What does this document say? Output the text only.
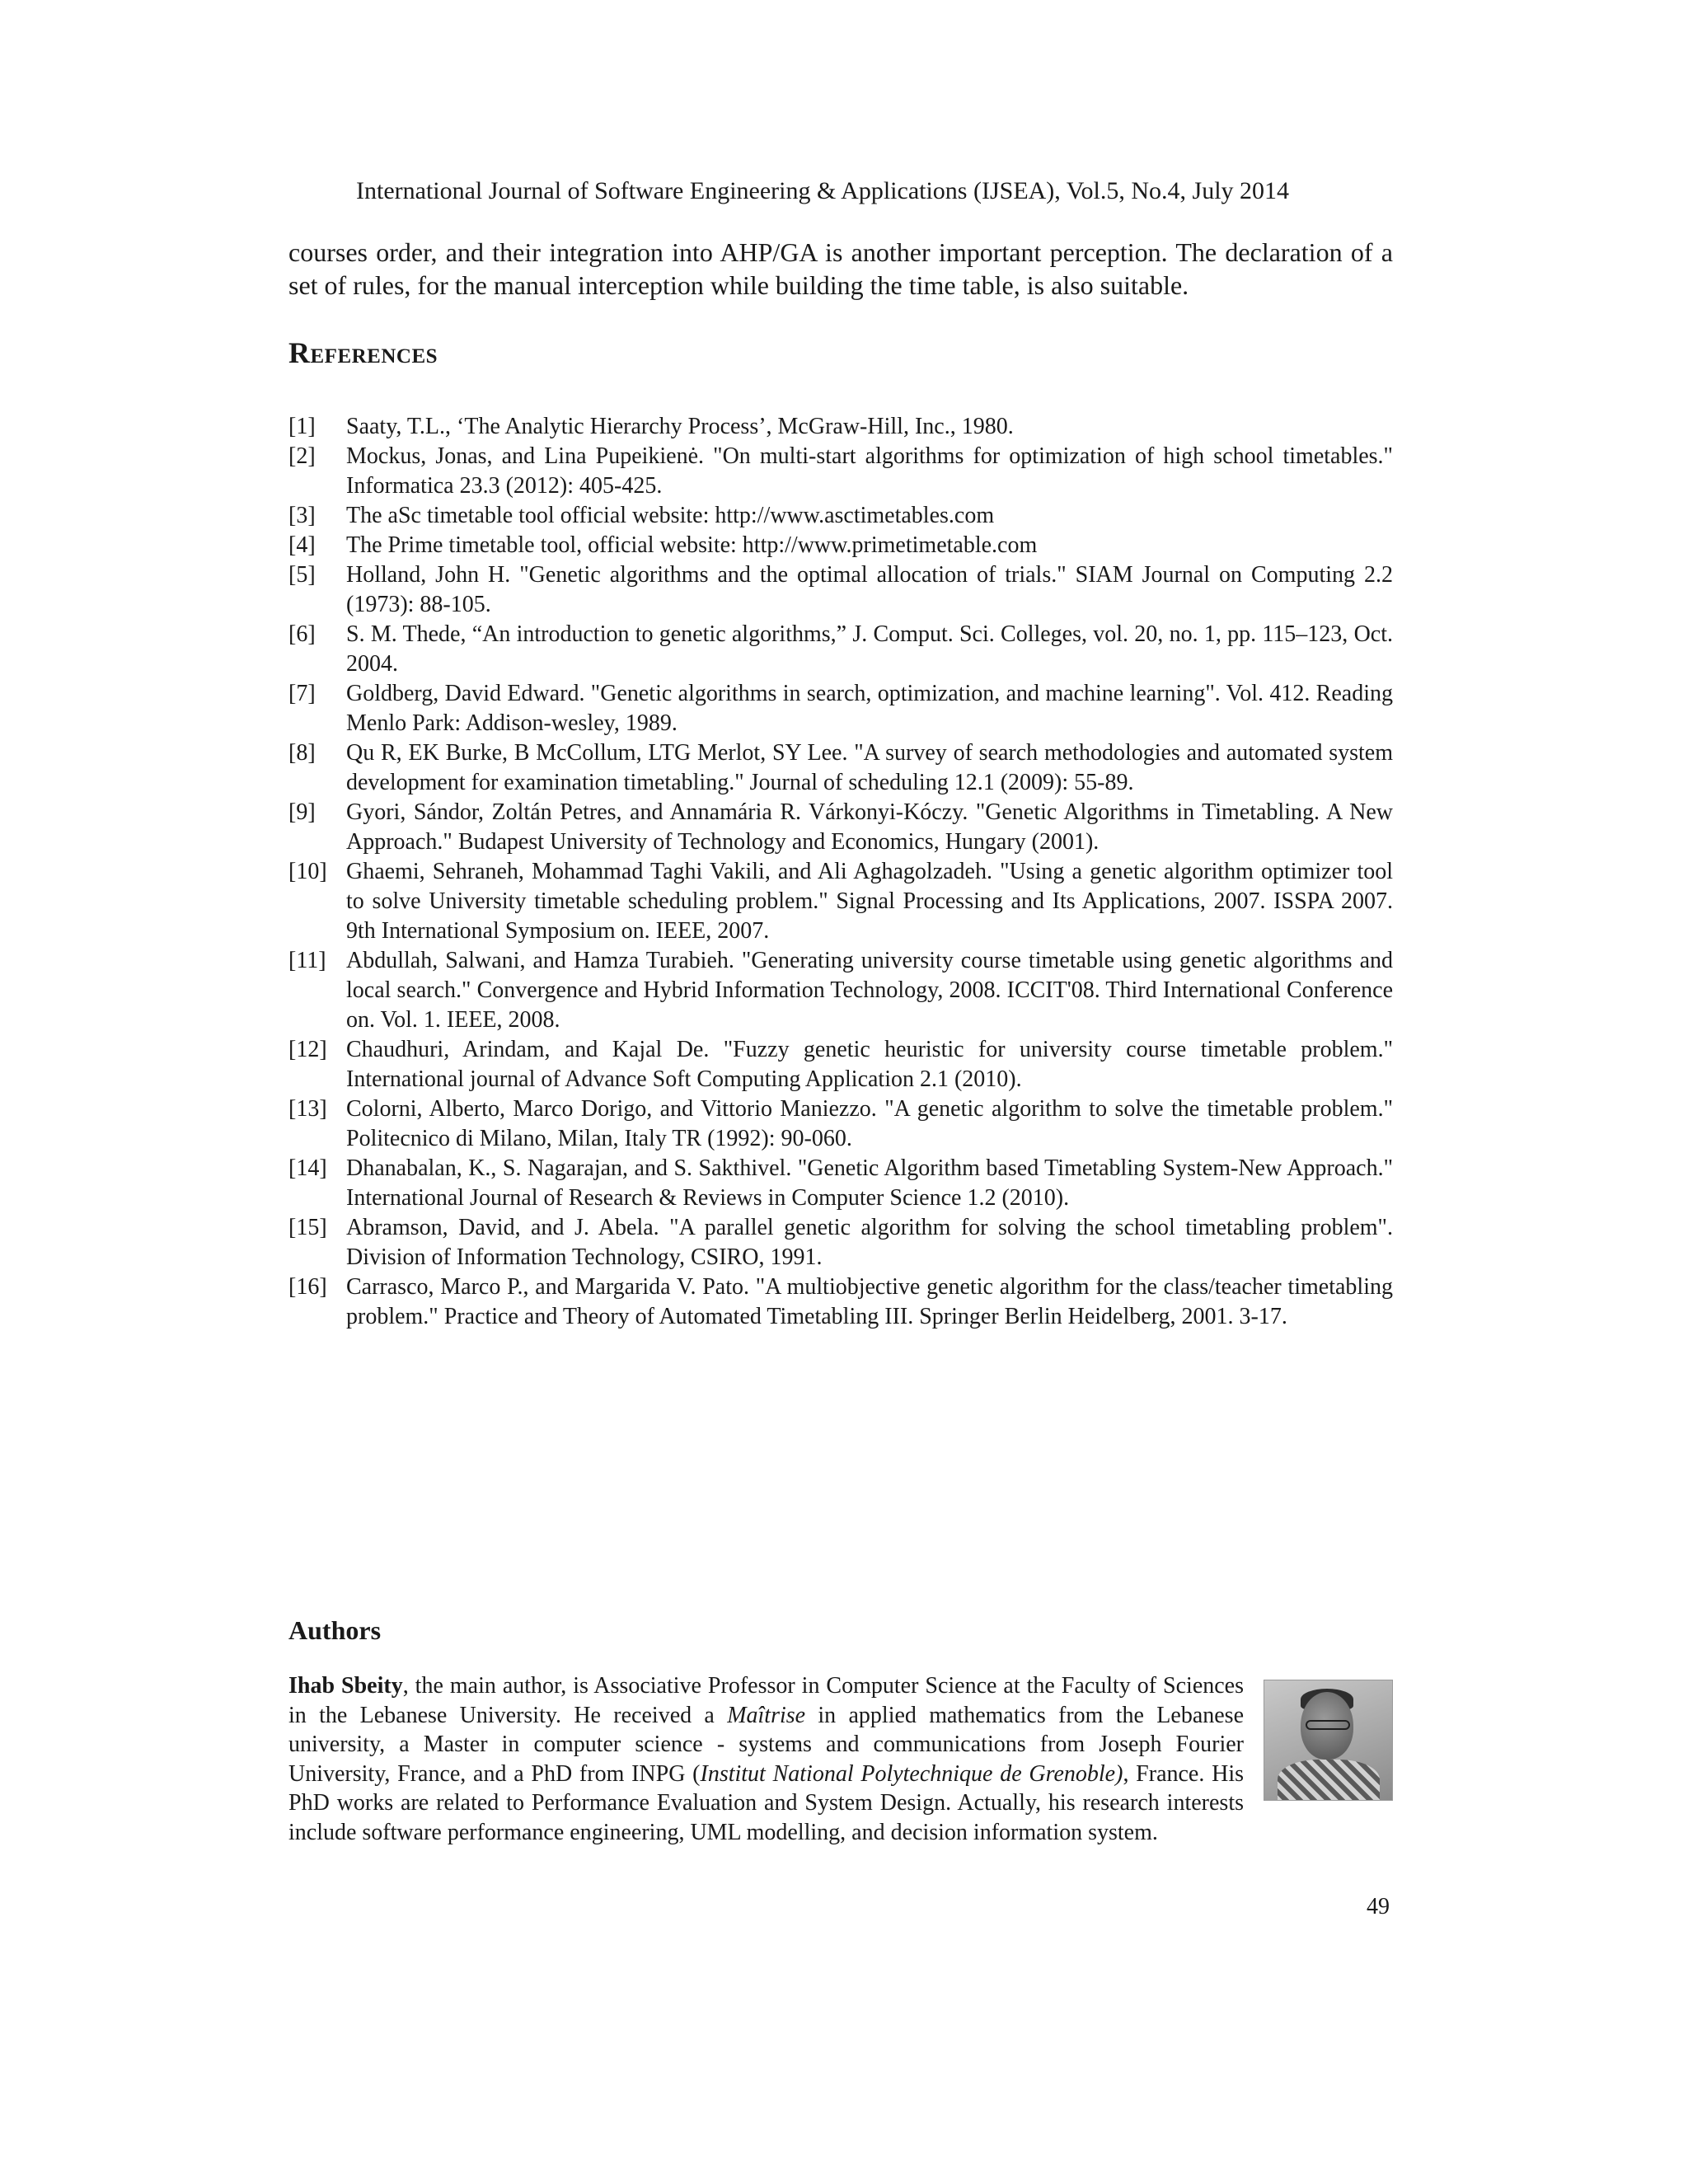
International Journal of Software Engineering & Applications (IJSEA), Vol.5, No.4, July 2014

courses order, and their integration into AHP/GA is another important perception. The declaration of a set of rules, for the manual interception while building the time table, is also suitable.

References
[1] Saaty, T.L., ‘The Analytic Hierarchy Process’, McGraw-Hill, Inc., 1980.
[2] Mockus, Jonas, and Lina Pupeikienė. "On multi-start algorithms for optimization of high school timetables." Informatica 23.3 (2012): 405-425.
[3] The aSc timetable tool official website: http://www.asctimetables.com
[4] The Prime timetable tool, official website: http://www.primetimetable.com
[5] Holland, John H. "Genetic algorithms and the optimal allocation of trials." SIAM Journal on Computing 2.2 (1973): 88-105.
[6] S. M. Thede, “An introduction to genetic algorithms,” J. Comput. Sci. Colleges, vol. 20, no. 1, pp. 115–123, Oct. 2004.
[7] Goldberg, David Edward. "Genetic algorithms in search, optimization, and machine learning". Vol. 412. Reading Menlo Park: Addison-wesley, 1989.
[8] Qu R, EK Burke, B McCollum, LTG Merlot, SY Lee. "A survey of search methodologies and automated system development for examination timetabling." Journal of scheduling 12.1 (2009): 55-89.
[9] Gyori, Sándor, Zoltán Petres, and Annamária R. Várkonyi-Kóczy. "Genetic Algorithms in Timetabling. A New Approach." Budapest University of Technology and Economics, Hungary (2001).
[10] Ghaemi, Sehraneh, Mohammad Taghi Vakili, and Ali Aghagolzadeh. "Using a genetic algorithm optimizer tool to solve University timetable scheduling problem." Signal Processing and Its Applications, 2007. ISSPA 2007. 9th International Symposium on. IEEE, 2007.
[11] Abdullah, Salwani, and Hamza Turabieh. "Generating university course timetable using genetic algorithms and local search." Convergence and Hybrid Information Technology, 2008. ICCIT'08. Third International Conference on. Vol. 1. IEEE, 2008.
[12] Chaudhuri, Arindam, and Kajal De. "Fuzzy genetic heuristic for university course timetable problem." International journal of Advance Soft Computing Application 2.1 (2010).
[13] Colorni, Alberto, Marco Dorigo, and Vittorio Maniezzo. "A genetic algorithm to solve the timetable problem." Politecnico di Milano, Milan, Italy TR (1992): 90-060.
[14] Dhanabalan, K., S. Nagarajan, and S. Sakthivel. "Genetic Algorithm based Timetabling System-New Approach." International Journal of Research & Reviews in Computer Science 1.2 (2010).
[15] Abramson, David, and J. Abela. "A parallel genetic algorithm for solving the school timetabling problem". Division of Information Technology, CSIRO, 1991.
[16] Carrasco, Marco P., and Margarida V. Pato. "A multiobjective genetic algorithm for the class/teacher timetabling problem." Practice and Theory of Automated Timetabling III. Springer Berlin Heidelberg, 2001. 3-17.
Authors

Ihab Sbeity, the main author, is Associative Professor in Computer Science at the Faculty of Sciences in the Lebanese University. He received a Maîtrise in applied mathematics from the Lebanese university, a Master in computer science - systems and communications from Joseph Fourier University, France, and a PhD from INPG (Institut National Polytechnique de Grenoble), France. His PhD works are related to Performance Evaluation and System Design. Actually, his research interests include software performance engineering, UML modelling, and decision information system.

49
